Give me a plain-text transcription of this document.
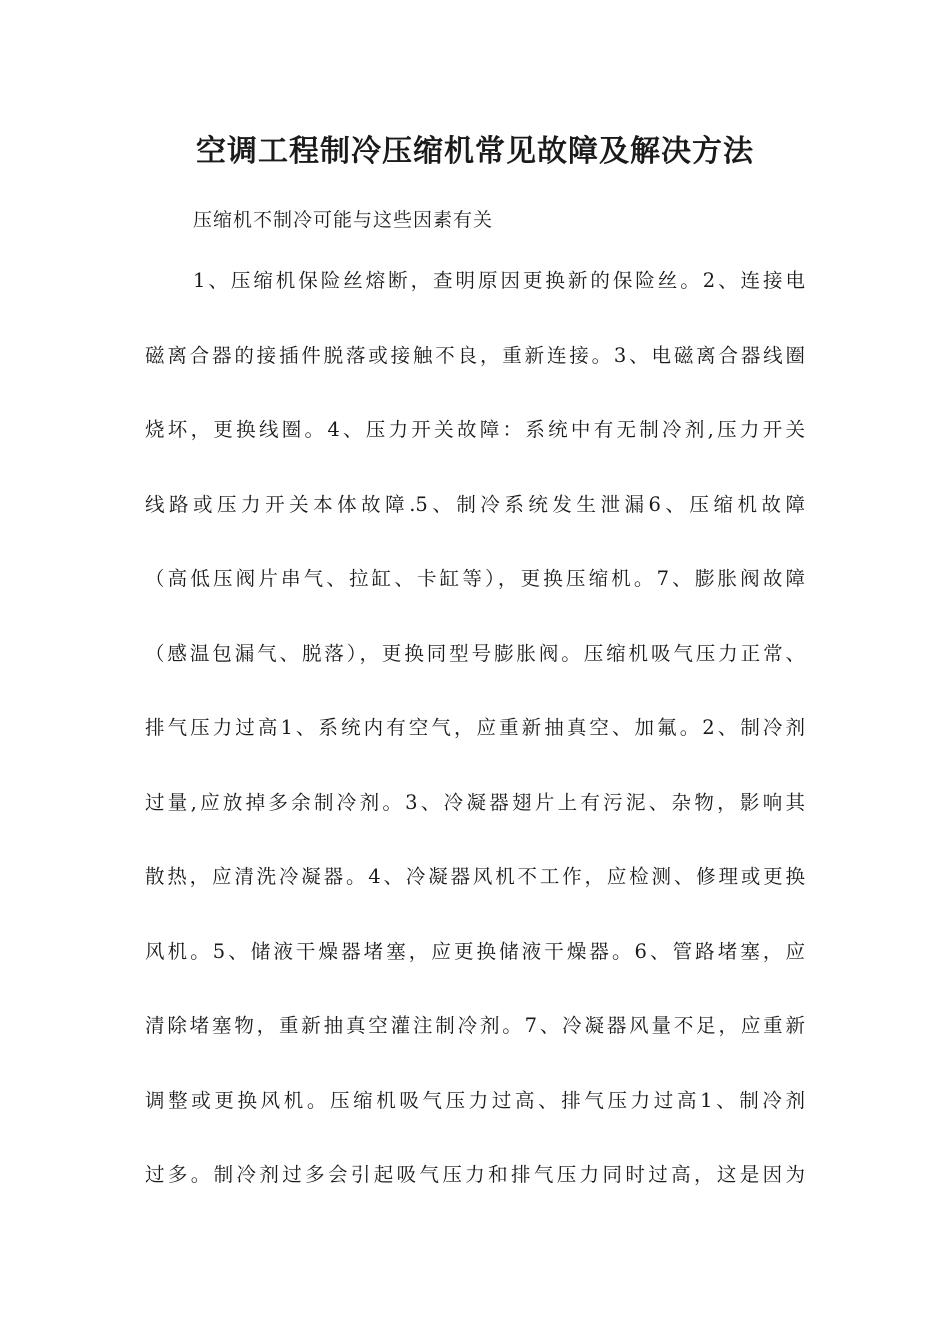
空调工程制冷压缩机常见故障及解决方法

压缩机不制冷可能与这些因素有关

1、压缩机保险丝熔断，查明原因更换新的保险丝。2、连接电
磁离合器的接插件脱落或接触不良，重新连接。3、电磁离合器线圈
烧坏，更换线圈。4、压力开关故障：系统中有无制冷剂,压力开关
线路或压力开关本体故障.5、制冷系统发生泄漏6、压缩机故障
（高低压阀片串气、拉缸、卡缸等），更换压缩机。7、膨胀阀故障
（感温包漏气、脱落），更换同型号膨胀阀。压缩机吸气压力正常、
排气压力过高1、系统内有空气，应重新抽真空、加氟。2、制冷剂
过量,应放掉多余制冷剂。3、冷凝器翅片上有污泥、杂物，影响其
散热，应清洗冷凝器。4、冷凝器风机不工作，应检测、修理或更换
风机。5、储液干燥器堵塞，应更换储液干燥器。6、管路堵塞，应
清除堵塞物，重新抽真空灌注制冷剂。7、冷凝器风量不足，应重新
调整或更换风机。压缩机吸气压力过高、排气压力过高1、制冷剂
过多。制冷剂过多会引起吸气压力和排气压力同时过高，这是因为
